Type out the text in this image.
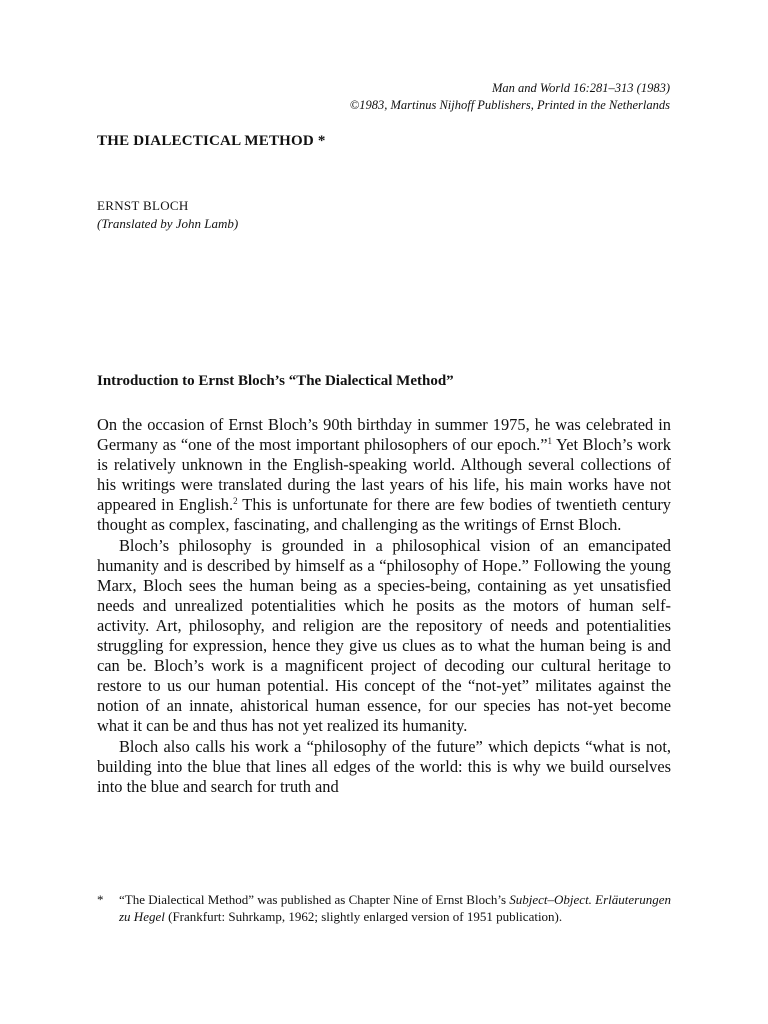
Man and World 16:281–313 (1983)
©1983, Martinus Nijhoff Publishers, Printed in the Netherlands
THE DIALECTICAL METHOD *
ERNST BLOCH
(Translated by John Lamb)
Introduction to Ernst Bloch’s “The Dialectical Method”

On the occasion of Ernst Bloch’s 90th birthday in summer 1975, he was celebrated in Germany as “one of the most important philosophers of our epoch.”$^1$ Yet Bloch’s work is relatively unknown in the English-speaking world. Although several collections of his writings were translated during the last years of his life, his main works have not appeared in English.$^2$ This is unfortunate for there are few bodies of twentieth century thought as complex, fascinating, and challenging as the writings of Ernst Bloch.

Bloch’s philosophy is grounded in a philosophical vision of an emancipated humanity and is described by himself as a “philosophy of Hope.” Following the young Marx, Bloch sees the human being as a species-being, containing as yet unsatisfied needs and unrealized potentialities which he posits as the motors of human self-activity. Art, philosophy, and religion are the repository of needs and potentialities struggling for expression, hence they give us clues as to what the human being is and can be. Bloch’s work is a magnificent project of decoding our cultural heritage to restore to us our human potential. His concept of the “not-yet” militates against the notion of an innate, ahistorical human essence, for our species has not-yet become what it can be and thus has not yet realized its humanity.

Bloch also calls his work a “philosophy of the future” which depicts “what is not, building into the blue that lines all edges of the world: this is why we build ourselves into the blue and search for truth and

* “The Dialectical Method” was published as Chapter Nine of Ernst Bloch’s Subject–Object. Erläuterungen zu Hegel (Frankfurt: Suhrkamp, 1962; slightly enlarged version of 1951 publication).
